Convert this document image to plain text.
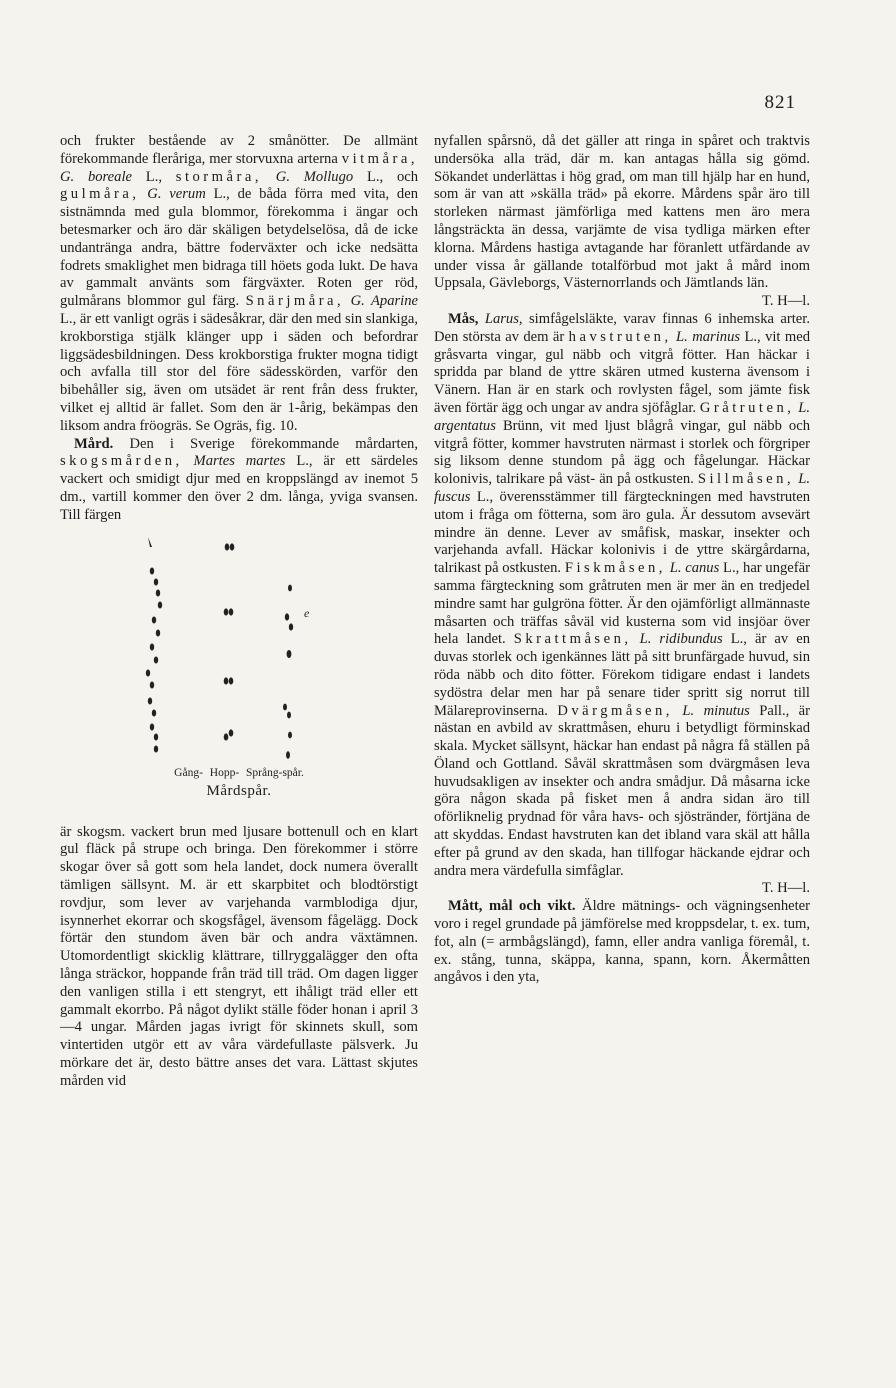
821

och frukter bestående av 2 smånötter. De allmänt förekommande fleråriga, mer storvuxna arterna vitmåra, G. boreale L., stormåra, G. Mollugo L., och gulmåra, G. verum L., de båda förra med vita, den sistnämnda med gula blommor, förekomma i ängar och betesmarker och äro där skäligen betydelselösa, då de icke undantränga andra, bättre foderväxter och icke nedsätta fodrets smaklighet men bidraga till höets goda lukt. De hava av gammalt använts som färgväxter. Roten ger röd, gulmårans blommor gul färg. Snärjmåra, G. Aparine L., är ett vanligt ogräs i sädesåkrar, där den med sin slankiga, krokborstiga stjälk klänger upp i säden och befordrar liggsädesbildningen. Dess krokborstiga frukter mogna tidigt och avfalla till stor del före sädesskörden, varför den bibehåller sig, även om utsädet är rent från dess frukter, vilket ej alltid är fallet. Som den är 1-årig, bekämpas den liksom andra fröogräs. Se Ogräs, fig. 10.

Mård. Den i Sverige förekommande mårdarten, skogsmården, Martes martes L., är ett särdeles vackert och smidigt djur med en kroppslängd av inemot 5 dm., vartill kommer den över 2 dm. långa, yviga svansen. Till färgen

e
Gång- Hopp- Språng-spår.
Mårdspår.

är skogsm. vackert brun med ljusare bottenull och en klart gul fläck på strupe och bringa. Den förekommer i större skogar över så gott som hela landet, dock numera överallt tämligen sällsynt. M. är ett skarpbitet och blodtörstigt rovdjur, som lever av varjehanda varmblodiga djur, isynnerhet ekorrar och skogsfågel, ävensom fågelägg. Dock förtär den stundom även bär och andra växtämnen. Utomordentligt skicklig klättrare, tillryggalägger den ofta långa sträckor, hoppande från träd till träd. Om dagen ligger den vanligen stilla i ett stengryt, ett ihåligt träd eller ett gammalt ekorrbo. På något dylikt ställe föder honan i april 3—4 ungar. Mården jagas ivrigt för skinnets skull, som vintertiden utgör ett av våra värdefullaste pälsverk. Ju mörkare det är, desto bättre anses det vara. Lättast skjutes mården vid

nyfallen spårsnö, då det gäller att ringa in spåret och traktvis undersöka alla träd, där m. kan antagas hålla sig gömd. Sökandet underlättas i hög grad, om man till hjälp har en hund, som är van att »skälla träd» på ekorre. Mårdens spår äro till storleken närmast jämförliga med kattens men äro mera långsträckta än dessa, varjämte de visa tydliga märken efter klorna. Mårdens hastiga avtagande har föranlett utfärdande av under vissa år gällande totalförbud mot jakt å mård inom Uppsala, Gävleborgs, Västernorrlands och Jämtlands län.
T. H—l.

Mås, Larus, simfågelsläkte, varav finnas 6 inhemska arter. Den största av dem är havstruten, L. marinus L., vit med gråsvarta vingar, gul näbb och vitgrå fötter. Han häckar i spridda par bland de yttre skären utmed kusterna ävensom i Vänern. Han är en stark och rovlysten fågel, som jämte fisk även förtär ägg och ungar av andra sjöfåglar. Gråtruten, L. argentatus Brünn, vit med ljust blågrå vingar, gul näbb och vitgrå fötter, kommer havstruten närmast i storlek och förgriper sig liksom denne stundom på ägg och fågelungar. Häckar kolonivis, talrikare på väst- än på ostkusten. Sillmåsen, L. fuscus L., överensstämmer till färgteckningen med havstruten utom i fråga om fötterna, som äro gula. Är dessutom avsevärt mindre än denne. Lever av småfisk, maskar, insekter och varjehanda avfall. Häckar kolonivis i de yttre skärgårdarna, talrikast på ostkusten. Fiskmåsen, L. canus L., har ungefär samma färgteckning som gråtruten men är mer än en tredjedel mindre samt har gulgröna fötter. Är den ojämförligt allmännaste måsarten och träffas såväl vid kusterna som vid insjöar över hela landet. Skrattmåsen, L. ridibundus L., är av en duvas storlek och igenkännes lätt på sitt brunfärgade huvud, sin röda näbb och dito fötter. Förekom tidigare endast i landets sydöstra delar men har på senare tider spritt sig norrut till Mälareprovinserna. Dvärgmåsen, L. minutus Pall., är nästan en avbild av skrattmåsen, ehuru i betydligt förminskad skala. Mycket sällsynt, häckar han endast på några få ställen på Öland och Gottland. Såväl skrattmåsen som dvärgmåsen leva huvudsakligen av insekter och andra smådjur. Då måsarna icke göra någon skada på fisket men å andra sidan äro till oförliknelig prydnad för våra havs- och sjöstränder, förtjäna de att skyddas. Endast havstruten kan det ibland vara skäl att hålla efter på grund av den skada, han tillfogar häckande ejdrar och andra mera värdefulla simfåglar.
T. H—l.

Mått, mål och vikt. Äldre mätnings- och vägningsenheter voro i regel grundade på jämförelse med kroppsdelar, t. ex. tum, fot, aln (= armbågslängd), famn, eller andra vanliga föremål, t. ex. stång, tunna, skäppa, kanna, spann, korn. Åkermåtten angåvos i den yta,
